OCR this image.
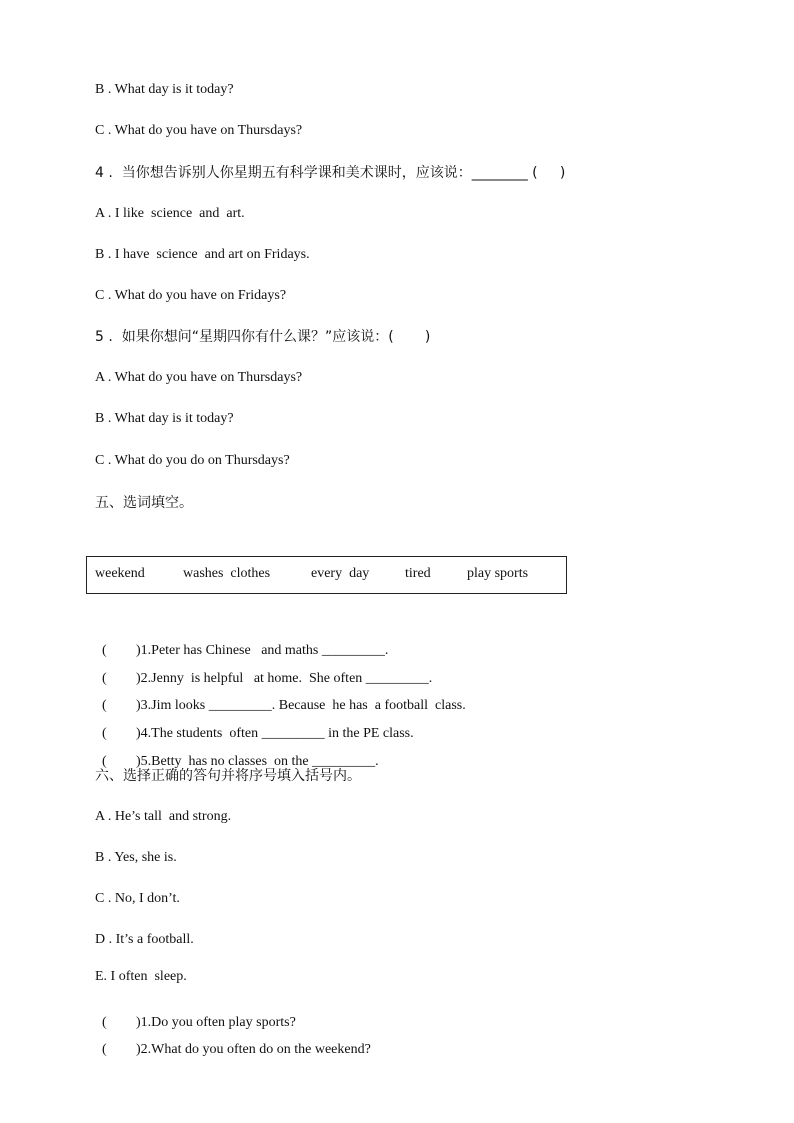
B . What day is it today?
C . What do you have on Thursdays?
4 .  当你想告诉别人你星期五有科学课和美术课时，应该说：________ (     )
A . I like  science  and  art.
B . I have  science  and art on Fridays.
C . What do you have on Fridays?
5 .  如果你想问“星期四你有什么课？”应该说：(       )
A . What do you have on Thursdays?
B . What day is it today?
C . What do you do on Thursdays?
五、选词填空。
weekend	washes  clothes	every  day	tired	play sports

( )1.Peter has Chinese   and maths _________.

( )2.Jenny  is helpful   at home.  She often _________.

( )3.Jim looks _________. Because  he has  a football  class.

( )4.The students  often _________ in the PE class.

( )5.Betty  has no classes  on the _________.

六、选择正确的答句并将序号填入括号内。
A . He’s tall  and strong.
B . Yes, she is.
C . No, I don’t.
D . It’s a football.
E. I often  sleep.

( )1.Do you often play sports?

( )2.What do you often do on the weekend?
